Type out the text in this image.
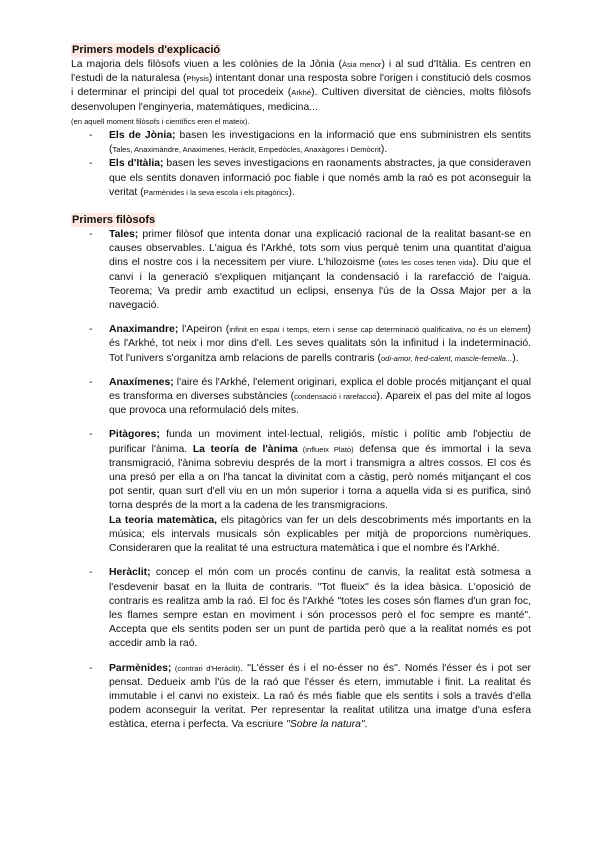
Primers models d'explicació

La majoria dels filòsofs viuen a les colònies de la Jònia (Àsia menor) i al sud d'Itàlia. Es centren en l'estudi de la naturalesa (Physis) intentant donar una resposta sobre l'origen i constitució dels cosmos i determinar el principi del qual tot procedeix (Arkhé). Cultiven diversitat de ciències, molts filòsofs desenvolupen l'enginyeria, matemàtiques, medicina...
(en aquell moment filòsofs i científics eren el mateix).

- Els de Jònia; basen les investigacions en la informació que ens subministren els sentits (Tales, Anaximàndre, Anaximenes, Heràclit, Empedòcles, Anaxàgores i Demòcrit).
- Els d'Itàlia; basen les seves investigacions en raonaments abstractes, ja que consideraven que els sentits donaven informació poc fiable i que només amb la raó es pot aconseguir la veritat (Parmènides i la seva escola i els pitagòrics).
Primers filòsofs
- Tales; primer filòsof que intenta donar una explicació racional de la realitat basant-se en causes observables. L'aigua és l'Arkhé, tots som vius perquè tenim una quantitat d'aigua dins el nostre cos i la necessitem per viure. L'hilozoisme (totes les coses tenen vida). Diu que el canvi i la generació s'expliquen mitjançant la condensació i la rarefacció de l'aigua. Teorema; Va predir amb exactitud un eclipsi, ensenya l'ús de la Ossa Major per a la navegació.
- Anaximandre; l'Apeiron (infinit en espai i temps, etern i sense cap determinació qualificativa, no és un element) és l'Arkhé, tot neix i mor dins d'ell. Les seves qualitats són la infinitud i la indeterminació. Tot l'univers s'organitza amb relacions de parells contraris (odi-amor, fred-calent, mascle-femella...).
- Anaxímenes; l'aire és l'Arkhé, l'element originari, explica el doble procés mitjançant el qual es transforma en diverses substàncies (condensació i rarefacció). Apareix el pas del mite al logos que provoca una reformulació dels mites.
- Pitàgores; funda un moviment intel·lectual, religiós, místic i polític amb l'objectiu de purificar l'ànima. La teoría de l'ànima (influeix Plató) defensa que és immortal i la seva transmigració, l'ànima sobreviu després de la mort i transmigra a altres cossos. El cos és una presó per ella a on l'ha tancat la divinitat com a càstig, però només mitjançant el cos pot sentir, quan surt d'ell viu en un món superior i torna a aquella vida si es purifica, sinó torna després de la mort a la cadena de les transmigracions.
La teoria matemàtica, els pitagòrics van fer un dels descobriments més importants en la música; els intervals musicals són explicables per mitjà de proporcions numèriques. Consideraren que la realitat té una estructura matemàtica i que el nombre és l'Arkhé.
- Heràclit; concep el món com un procés continu de canvis, la realitat està sotmesa a l'esdevenir basat en la lluita de contraris. "Tot flueix" és la idea bàsica. L'oposició de contraris es realitza amb la raó. El foc és l'Arkhé "totes les coses són flames d'un gran foc, les flames sempre estan en moviment i són processos però el foc sempre es manté". Accepta que els sentits poden ser un punt de partida però que a la realitat només es pot accedir amb la raó.
- Parmènides; (contrari d'Heràclit). "L'ésser és i el no-ésser no és". Només l'ésser és i pot ser pensat. Dedueix amb l'ús de la raó que l'ésser és etern, immutable i finit. La realitat és immutable i el canvi no existeix. La raó és més fiable que els sentits i sols a través d'ella podem aconseguir la veritat. Per representar la realitat utilitza una imatge d'una esfera estàtica, eterna i perfecta. Va escriure "Sobre la natura".
